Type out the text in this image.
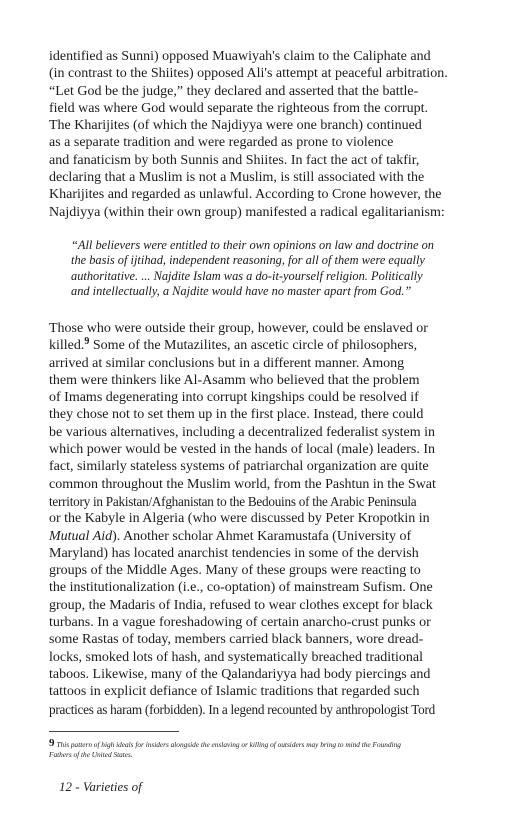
identified as Sunni) opposed Muawiyah's claim to the Caliphate and
(in contrast to the Shiites) opposed Ali's attempt at peaceful arbitration.
“Let God be the judge,” they declared and asserted that the battle-
field was where God would separate the righteous from the corrupt.
The Kharijites (of which the Najdiyya were one branch) continued
as a separate tradition and were regarded as prone to violence
and fanaticism by both Sunnis and Shiites. In fact the act of takfir,
declaring that a Muslim is not a Muslim, is still associated with the
Kharijites and regarded as unlawful. According to Crone however, the
Najdiyya (within their own group) manifested a radical egalitarianism:

“All believers were entitled to their own opinions on law and doctrine on
the basis of ijtihad, independent reasoning, for all of them were equally
authoritative. ... Najdite Islam was a do-it-yourself religion. Politically
and intellectually, a Najdite would have no master apart from God.”

Those who were outside their group, however, could be enslaved or
killed.$^9$ Some of the Mutazilites, an ascetic circle of philosophers,
arrived at similar conclusions but in a different manner. Among
them were thinkers like Al-Asamm who believed that the problem
of Imams degenerating into corrupt kingships could be resolved if
they chose not to set them up in the first place. Instead, there could
be various alternatives, including a decentralized federalist system in
which power would be vested in the hands of local (male) leaders. In
fact, similarly stateless systems of patriarchal organization are quite
common throughout the Muslim world, from the Pashtun in the Swat
territory in Pakistan/Afghanistan to the Bedouins of the Arabic Peninsula
or the Kabyle in Algeria (who were discussed by Peter Kropotkin in
Mutual Aid). Another scholar Ahmet Karamustafa (University of
Maryland) has located anarchist tendencies in some of the dervish
groups of the Middle Ages. Many of these groups were reacting to
the institutionalization (i.e., co-optation) of mainstream Sufism. One
group, the Madaris of India, refused to wear clothes except for black
turbans. In a vague foreshadowing of certain anarcho-crust punks or
some Rastas of today, members carried black banners, wore dread-
locks, smoked lots of hash, and systematically breached traditional
taboos. Likewise, many of the Qalandariyya had body piercings and
tattoos in explicit defiance of Islamic traditions that regarded such
practices as haram (forbidden). In a legend recounted by anthropologist Tord

9 This pattern of high ideals for insiders alongside the enslaving or killing of outsiders may bring to mind the Founding
Fathers of the United States.

12 - Varieties of
